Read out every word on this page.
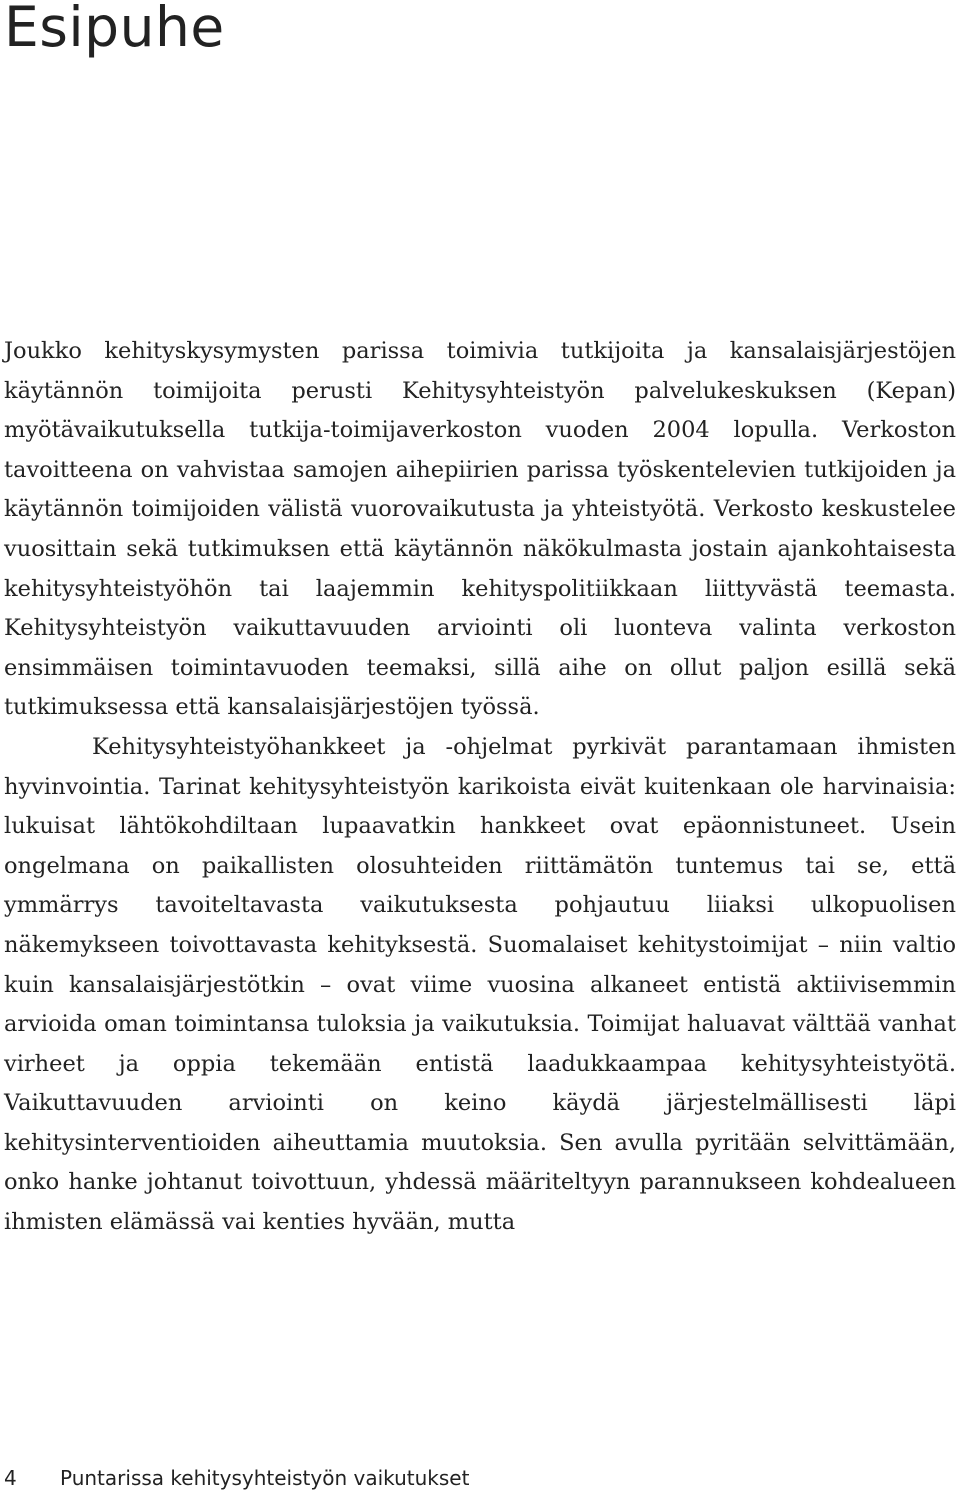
Esipuhe

Joukko kehityskysymysten parissa toimivia tutkijoita ja kansalaisjärjestöjen käytännön toimijoita perusti Kehitysyhteistyön palvelukeskuksen (Kepan) myötävaikutuksella tutkija-toimijaverkoston vuoden 2004 lopulla. Verkoston tavoitteena on vahvistaa samojen aihepiirien parissa työskentelevien tutkijoiden ja käytännön toimijoiden välistä vuorovaikutusta ja yhteistyötä. Verkosto keskustelee vuosittain sekä tutkimuksen että käytännön näkökulmasta jostain ajankohtaisesta kehitysyhteistyöhön tai laajemmin kehityspolitiikkaan liittyvästä teemasta. Kehitysyhteistyön vaikuttavuuden arviointi oli luonteva valinta verkoston ensimmäisen toimintavuoden teemaksi, sillä aihe on ollut paljon esillä sekä tutkimuksessa että kansalaisjärjestöjen työssä.

Kehitysyhteistyöhankkeet ja -ohjelmat pyrkivät parantamaan ihmisten hyvinvointia. Tarinat kehitysyhteistyön karikoista eivät kuitenkaan ole harvinaisia: lukuisat lähtökohdiltaan lupaavatkin hankkeet ovat epäonnistuneet. Usein ongelmana on paikallisten olosuhteiden riittämätön tuntemus tai se, että ymmärrys tavoiteltavasta vaikutuksesta pohjautuu liiaksi ulkopuolisen näkemykseen toivottavasta kehityksestä. Suomalaiset kehitystoimijat – niin valtio kuin kansalaisjärjestötkin – ovat viime vuosina alkaneet entistä aktiivisemmin arvioida oman toimintansa tuloksia ja vaikutuksia. Toimijat haluavat välttää vanhat virheet ja oppia tekemään entistä laadukkaampaa kehitysyhteistyötä. Vaikuttavuuden arviointi on keino käydä järjestelmällisesti läpi kehitysinterventioiden aiheuttamia muutoksia. Sen avulla pyritään selvittämään, onko hanke johtanut toivottuun, yhdessä määriteltyyn parannukseen kohdealueen ihmisten elämässä vai kenties hyvään, mutta

4 Puntarissa kehitysyhteistyön vaikutukset
